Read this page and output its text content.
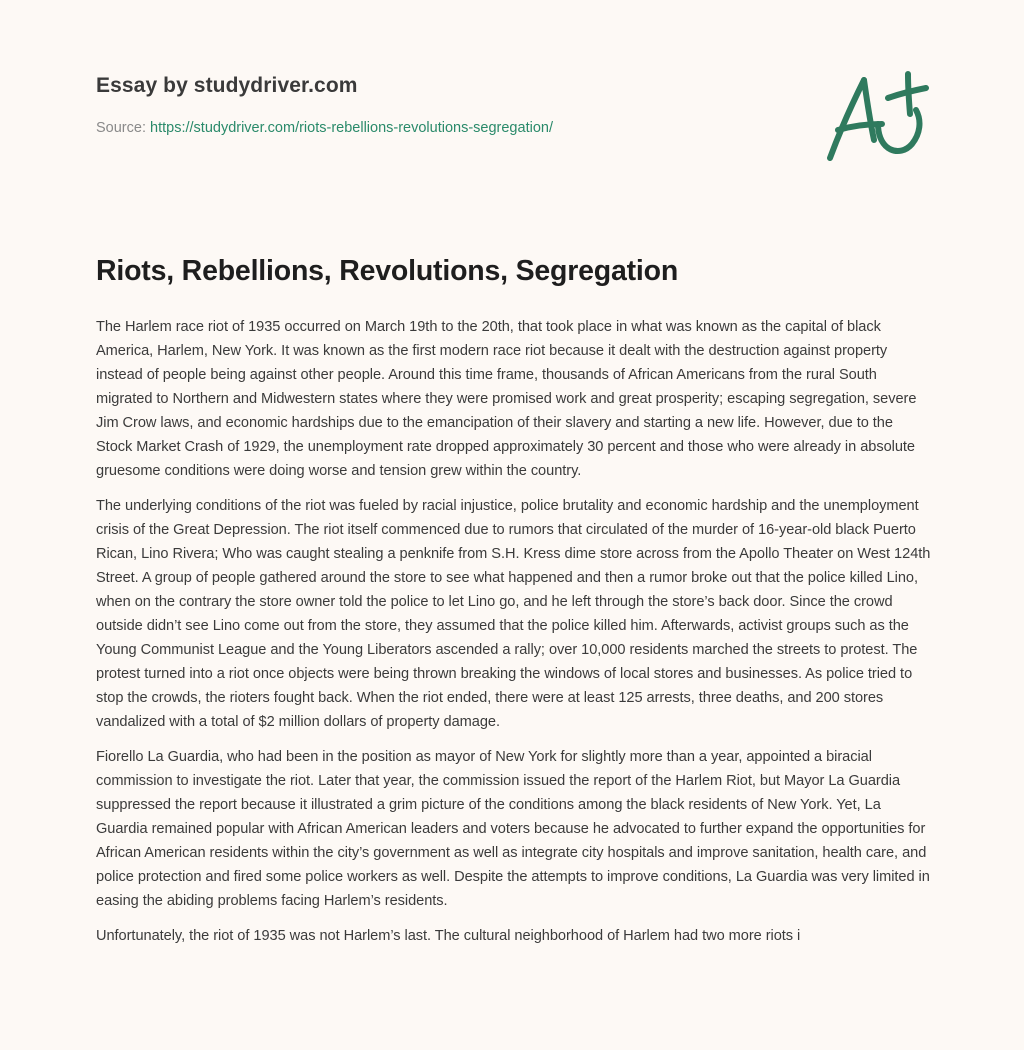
Essay by studydriver.com
Source: https://studydriver.com/riots-rebellions-revolutions-segregation/
Riots, Rebellions, Revolutions, Segregation

The Harlem race riot of 1935 occurred on March 19th to the 20th, that took place in what was known as the capital of black America, Harlem, New York. It was known as the first modern race riot because it dealt with the destruction against property instead of people being against other people. Around this time frame, thousands of African Americans from the rural South migrated to Northern and Midwestern states where they were promised work and great prosperity; escaping segregation, severe Jim Crow laws, and economic hardships due to the emancipation of their slavery and starting a new life. However, due to the Stock Market Crash of 1929, the unemployment rate dropped approximately 30 percent and those who were already in absolute gruesome conditions were doing worse and tension grew within the country.

The underlying conditions of the riot was fueled by racial injustice, police brutality and economic hardship and the unemployment crisis of the Great Depression. The riot itself commenced due to rumors that circulated of the murder of 16-year-old black Puerto Rican, Lino Rivera; Who was caught stealing a penknife from S.H. Kress dime store across from the Apollo Theater on West 124th Street. A group of people gathered around the store to see what happened and then a rumor broke out that the police killed Lino, when on the contrary the store owner told the police to let Lino go, and he left through the store’s back door. Since the crowd outside didn’t see Lino come out from the store, they assumed that the police killed him. Afterwards, activist groups such as the Young Communist League and the Young Liberators ascended a rally; over 10,000 residents marched the streets to protest. The protest turned into a riot once objects were being thrown breaking the windows of local stores and businesses. As police tried to stop the crowds, the rioters fought back. When the riot ended, there were at least 125 arrests, three deaths, and 200 stores vandalized with a total of $2 million dollars of property damage.

Fiorello La Guardia, who had been in the position as mayor of New York for slightly more than a year, appointed a biracial commission to investigate the riot. Later that year, the commission issued the report of the Harlem Riot, but Mayor La Guardia suppressed the report because it illustrated a grim picture of the conditions among the black residents of New York. Yet, La Guardia remained popular with African American leaders and voters because he advocated to further expand the opportunities for African American residents within the city’s government as well as integrate city hospitals and improve sanitation, health care, and police protection and fired some police workers as well. Despite the attempts to improve conditions, La Guardia was very limited in easing the abiding problems facing Harlem’s residents.

Unfortunately, the riot of 1935 was not Harlem’s last. The cultural neighborhood of Harlem had two more riots i
